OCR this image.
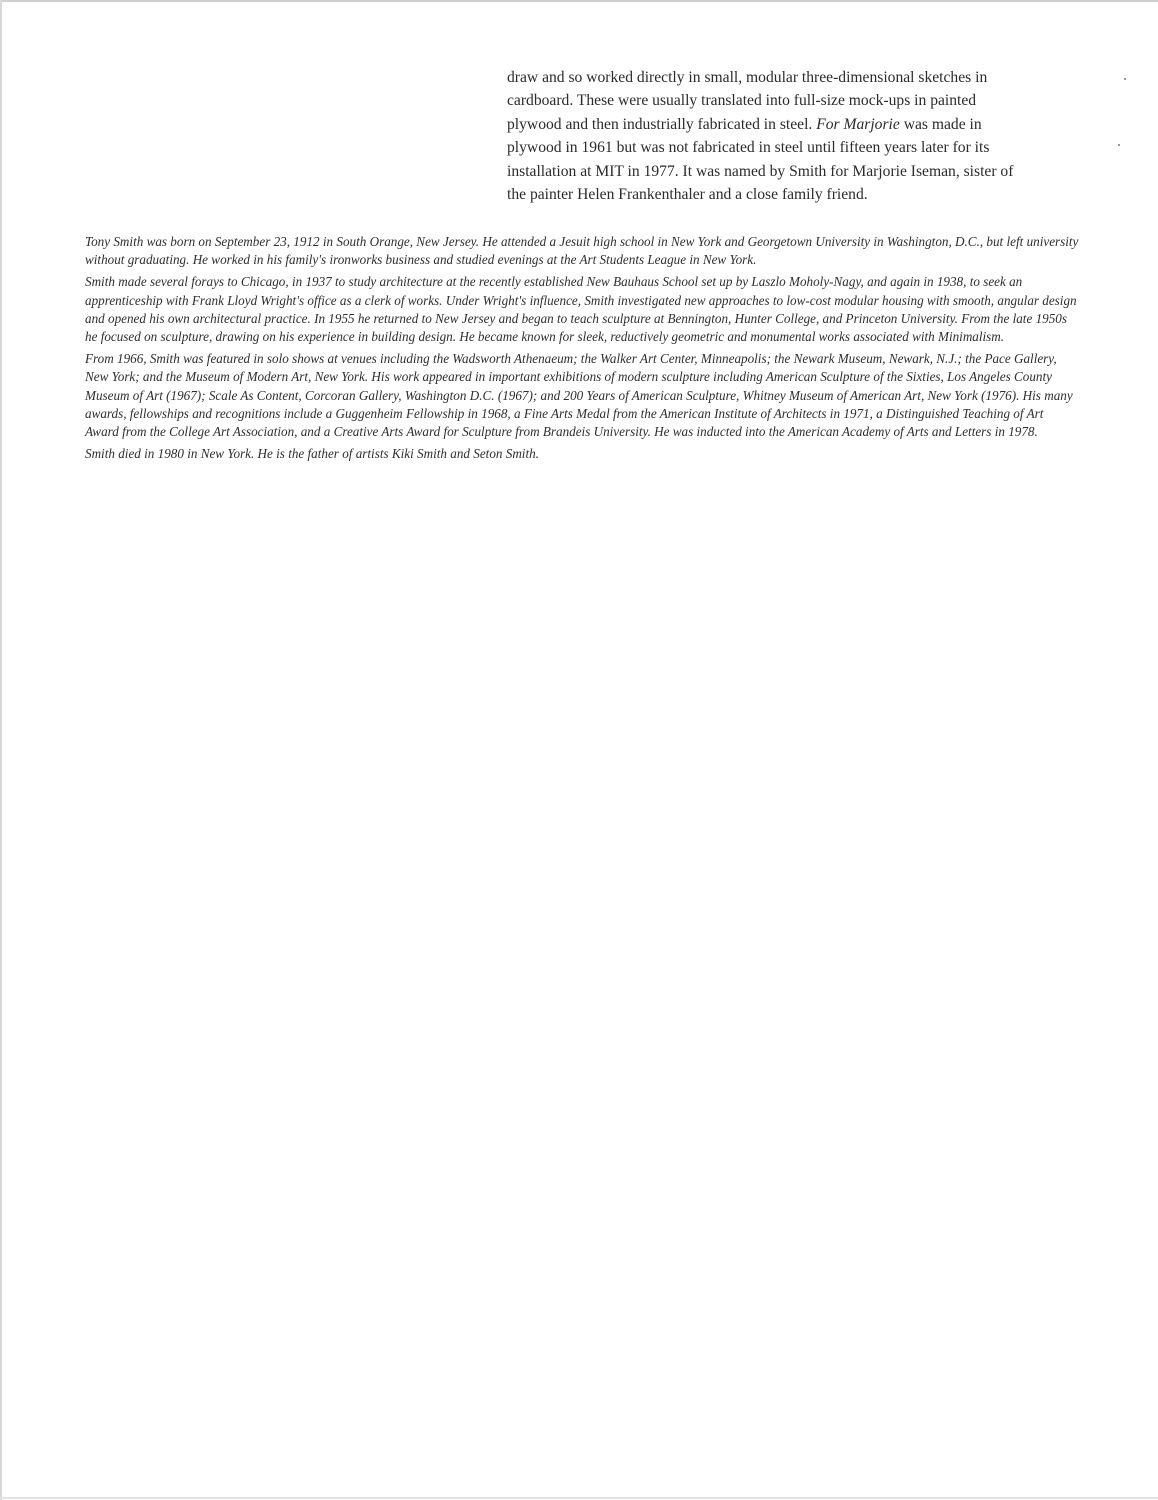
draw and so worked directly in small, modular three-dimensional sketches in cardboard. These were usually translated into full-size mock-ups in painted plywood and then industrially fabricated in steel. For Marjorie was made in plywood in 1961 but was not fabricated in steel until fifteen years later for its installation at MIT in 1977. It was named by Smith for Marjorie Iseman, sister of the painter Helen Frankenthaler and a close family friend.

Tony Smith was born on September 23, 1912 in South Orange, New Jersey. He attended a Jesuit high school in New York and Georgetown University in Washington, D.C., but left university without graduating. He worked in his family's ironworks business and studied evenings at the Art Students League in New York.

Smith made several forays to Chicago, in 1937 to study architecture at the recently established New Bauhaus School set up by Laszlo Moholy-Nagy, and again in 1938, to seek an apprenticeship with Frank Lloyd Wright's office as a clerk of works. Under Wright's influence, Smith investigated new approaches to low-cost modular housing with smooth, angular design and opened his own architectural practice. In 1955 he returned to New Jersey and began to teach sculpture at Bennington, Hunter College, and Princeton University. From the late 1950s he focused on sculpture, drawing on his experience in building design. He became known for sleek, reductively geometric and monumental works associated with Minimalism.

From 1966, Smith was featured in solo shows at venues including the Wadsworth Athenaeum; the Walker Art Center, Minneapolis; the Newark Museum, Newark, N.J.; the Pace Gallery, New York; and the Museum of Modern Art, New York. His work appeared in important exhibitions of modern sculpture including American Sculpture of the Sixties, Los Angeles County Museum of Art (1967); Scale As Content, Corcoran Gallery, Washington D.C. (1967); and 200 Years of American Sculpture, Whitney Museum of American Art, New York (1976). His many awards, fellowships and recognitions include a Guggenheim Fellowship in 1968, a Fine Arts Medal from the American Institute of Architects in 1971, a Distinguished Teaching of Art Award from the College Art Association, and a Creative Arts Award for Sculpture from Brandeis University. He was inducted into the American Academy of Arts and Letters in 1978.

Smith died in 1980 in New York. He is the father of artists Kiki Smith and Seton Smith.
